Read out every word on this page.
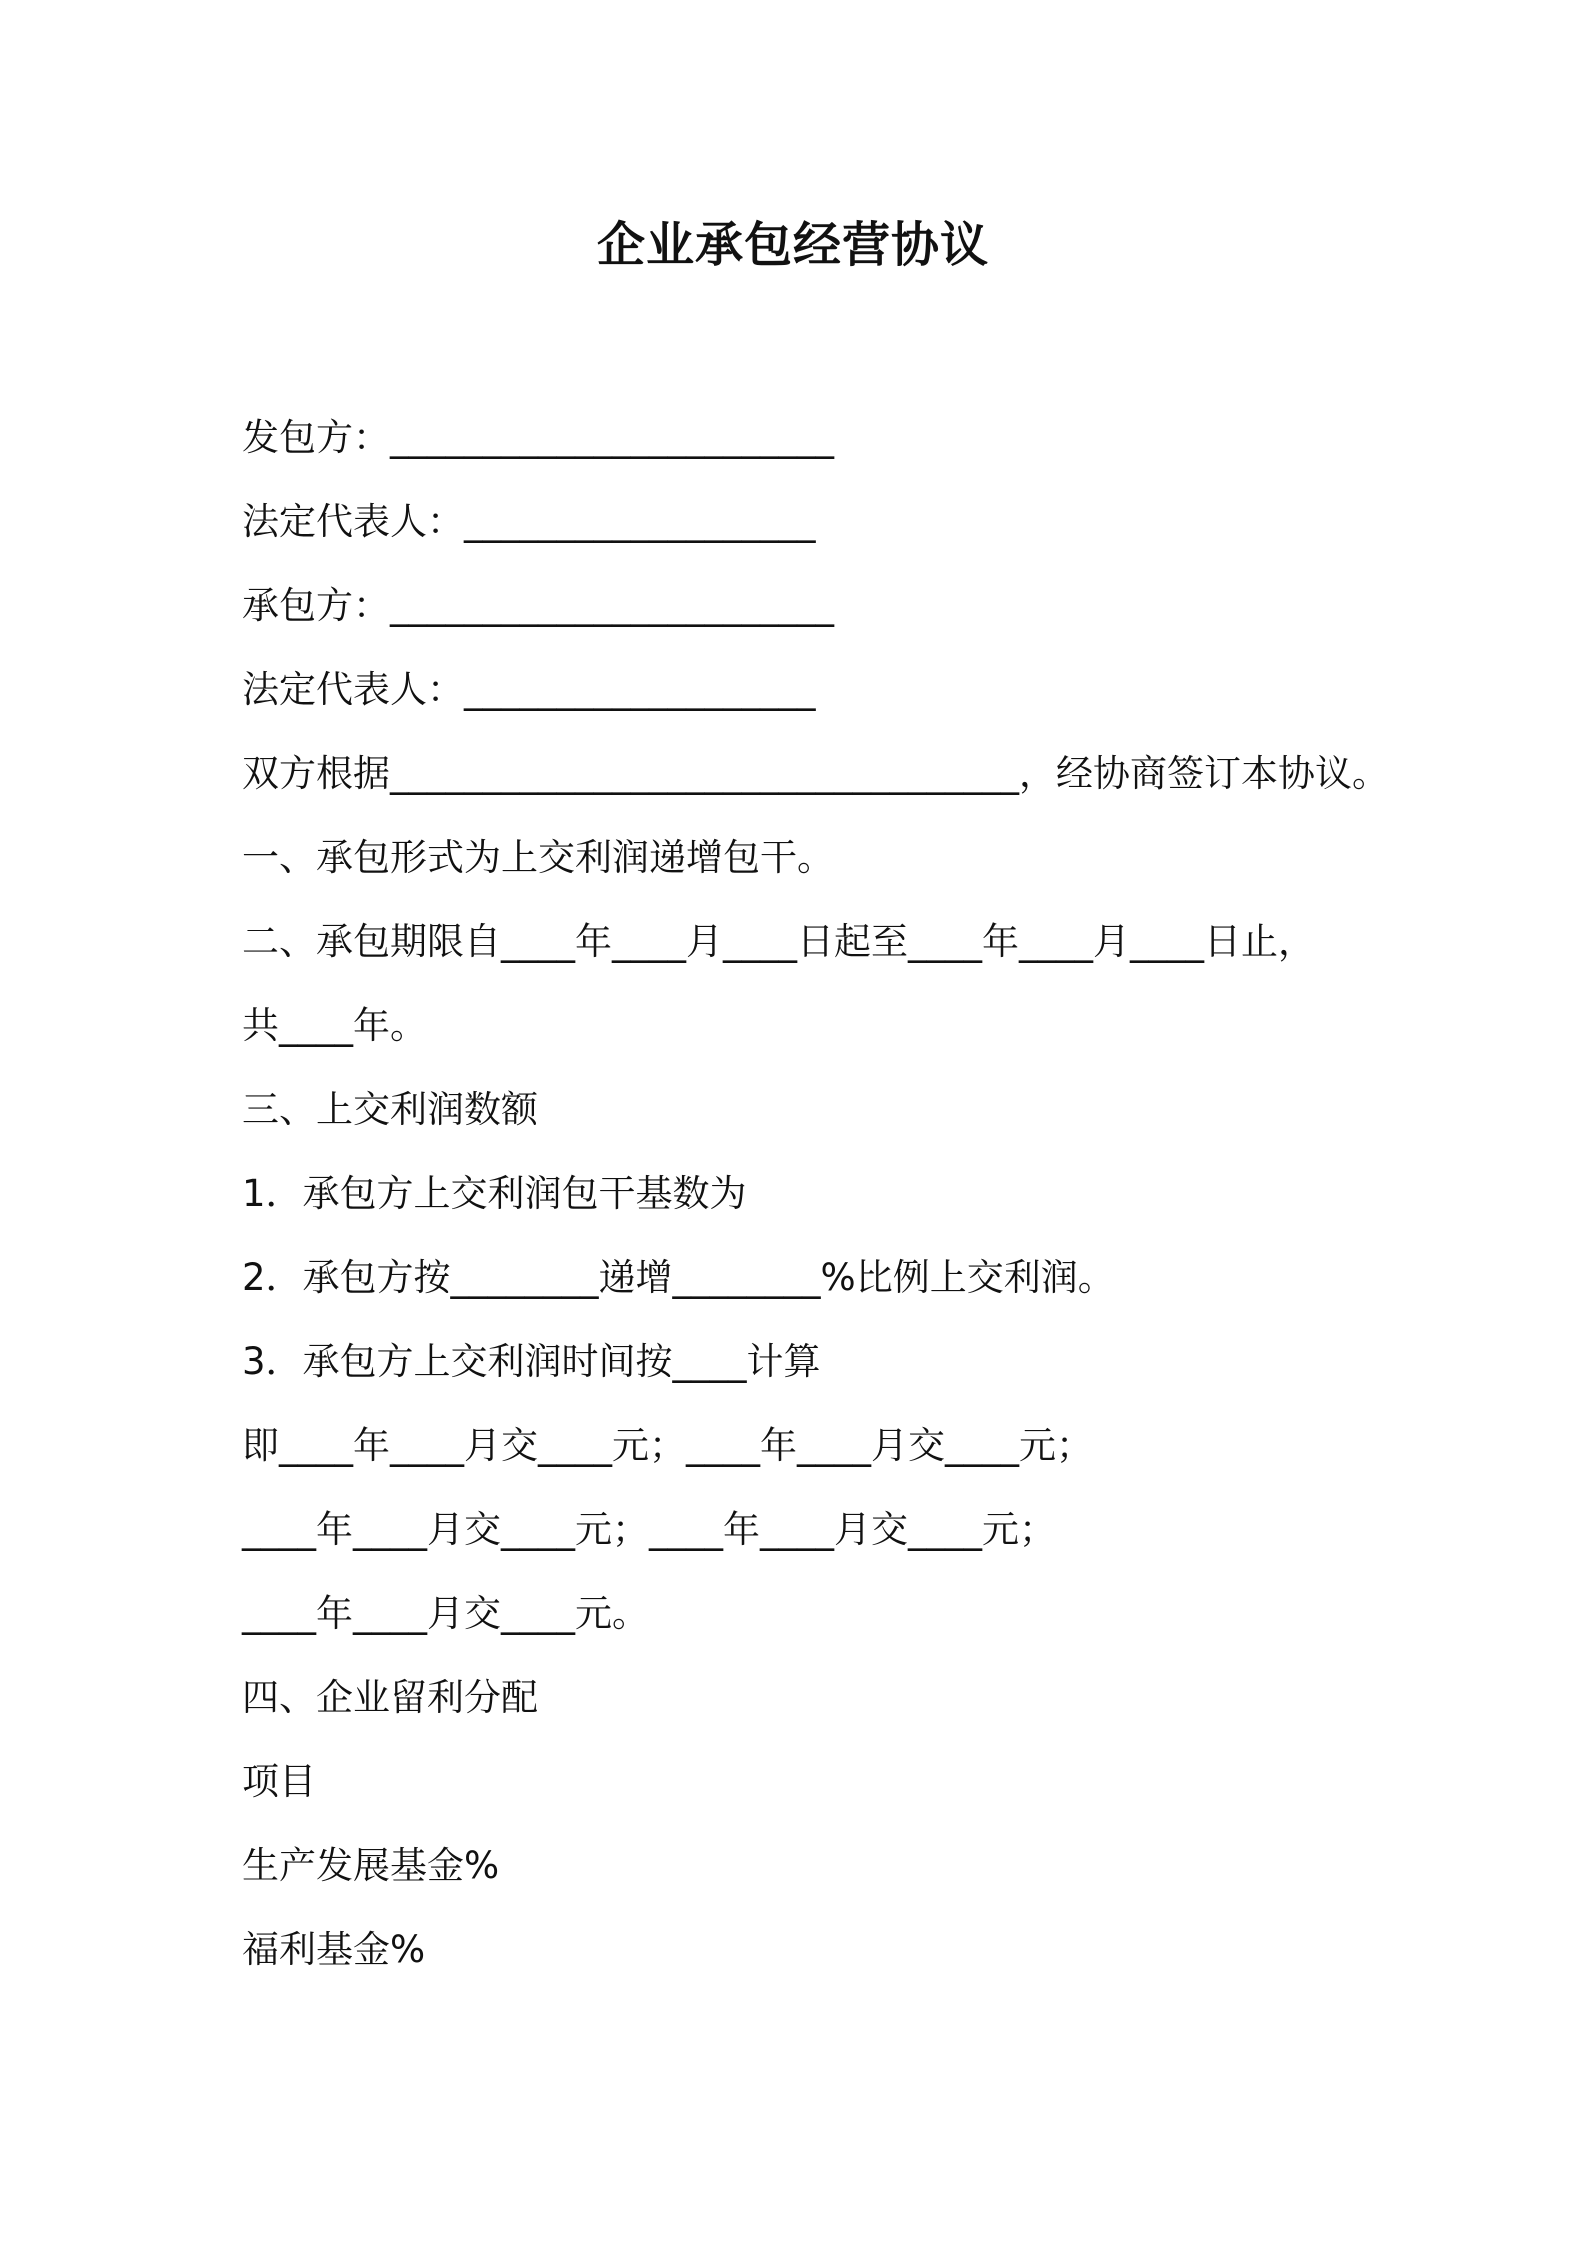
企业承包经营协议
发包方：________________________
法定代表人：___________________
承包方：________________________
法定代表人：___________________
双方根据__________________________________，经协商签订本协议。
一、承包形式为上交利润递增包干。
二、承包期限自____年____月____日起至____年____月____日止，
共____年。
三、上交利润数额
1．承包方上交利润包干基数为
2．承包方按________递增________%比例上交利润。
3．承包方上交利润时间按____计算
即____年____月交____元；____年____月交____元；
____年____月交____元；____年____月交____元；
____年____月交____元。
四、企业留利分配
项目
生产发展基金%
福利基金%
